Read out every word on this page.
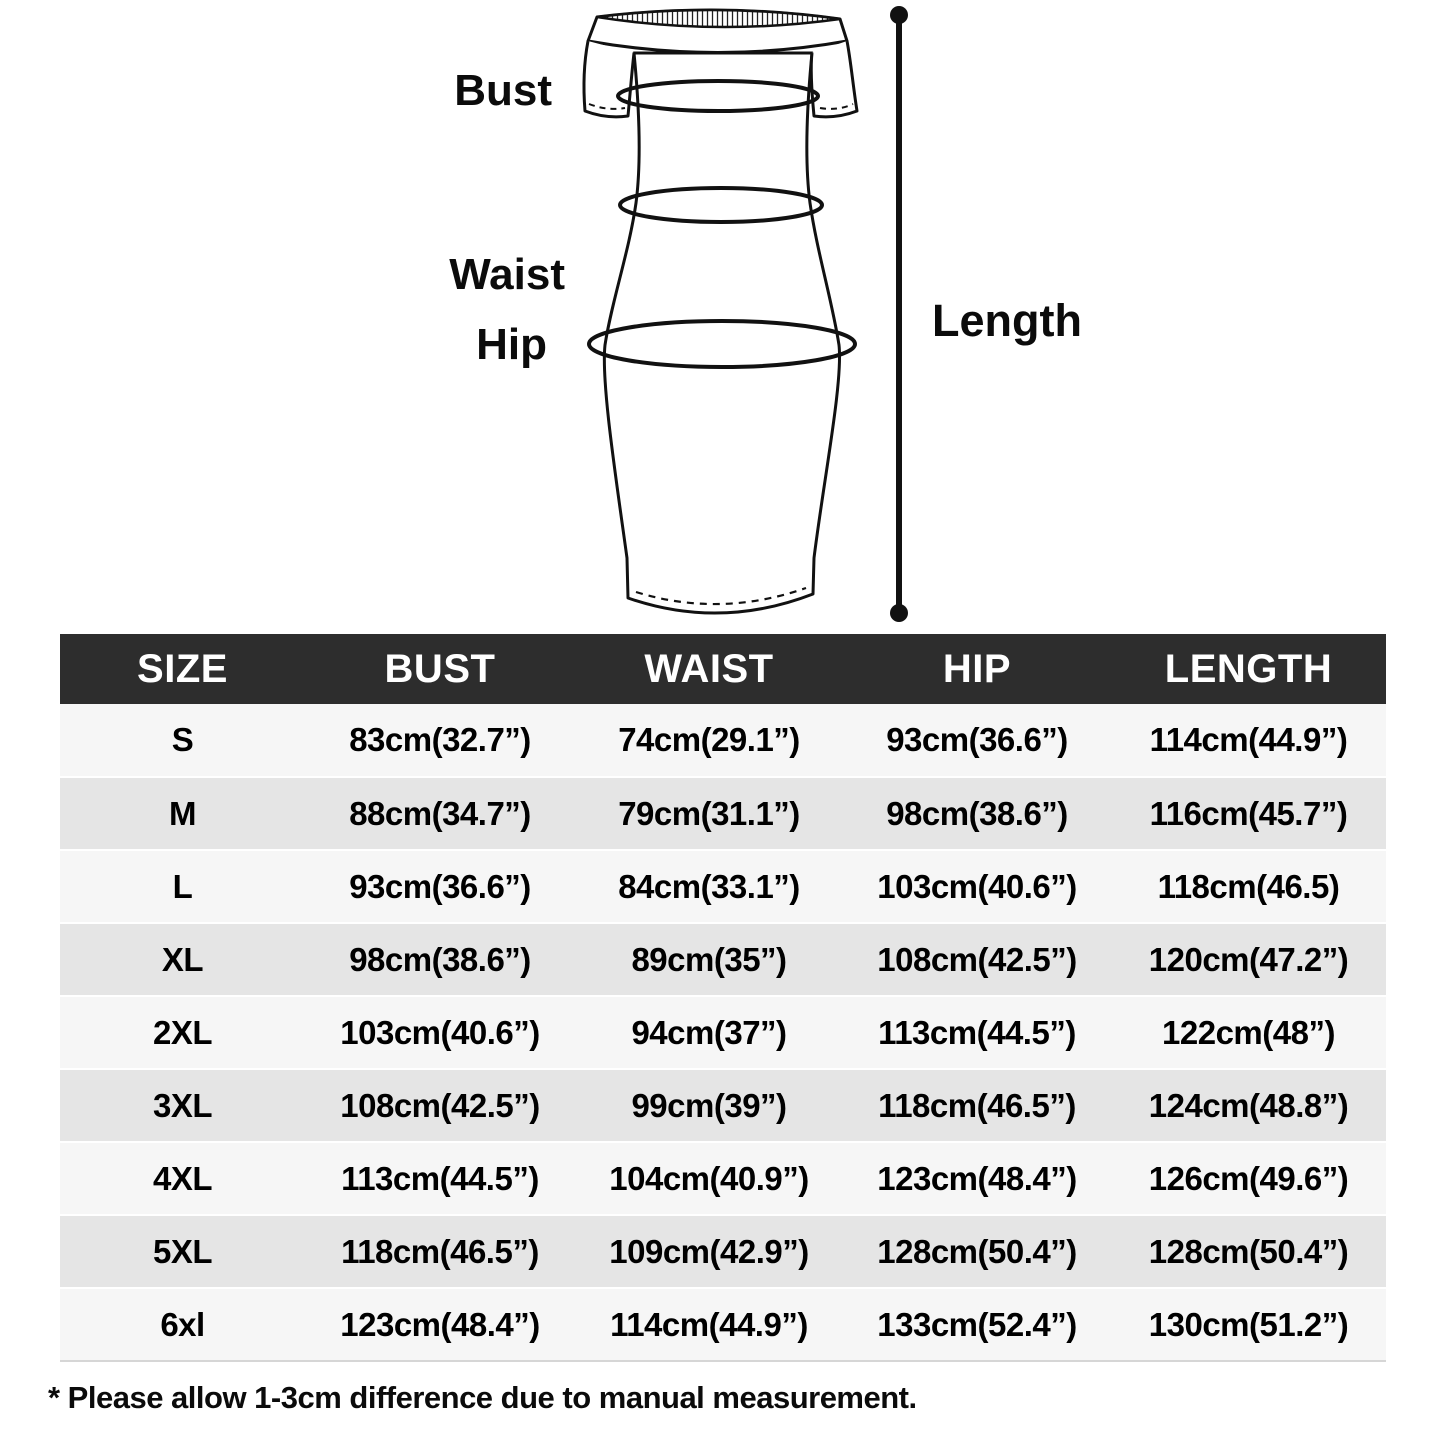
Bust
Waist
Hip	Length
SIZE	BUST	WAIST	HIP	LENGTH
S	83cm(32.7”)	74cm(29.1”)	93cm(36.6”)	114cm(44.9”)
M	88cm(34.7”)	79cm(31.1”)	98cm(38.6”)	116cm(45.7”)
L	93cm(36.6”)	84cm(33.1”)	103cm(40.6”)	118cm(46.5)
XL	98cm(38.6”)	89cm(35”)	108cm(42.5”)	120cm(47.2”)
2XL	103cm(40.6”)	94cm(37”)	113cm(44.5”)	122cm(48”)
3XL	108cm(42.5”)	99cm(39”)	118cm(46.5”)	124cm(48.8”)
4XL	113cm(44.5”)	104cm(40.9”)	123cm(48.4”)	126cm(49.6”)
5XL	118cm(46.5”)	109cm(42.9”)	128cm(50.4”)	128cm(50.4”)
6xl	123cm(48.4”)	114cm(44.9”)	133cm(52.4”)	130cm(51.2”)

* Please allow 1-3cm difference due to manual measurement.
